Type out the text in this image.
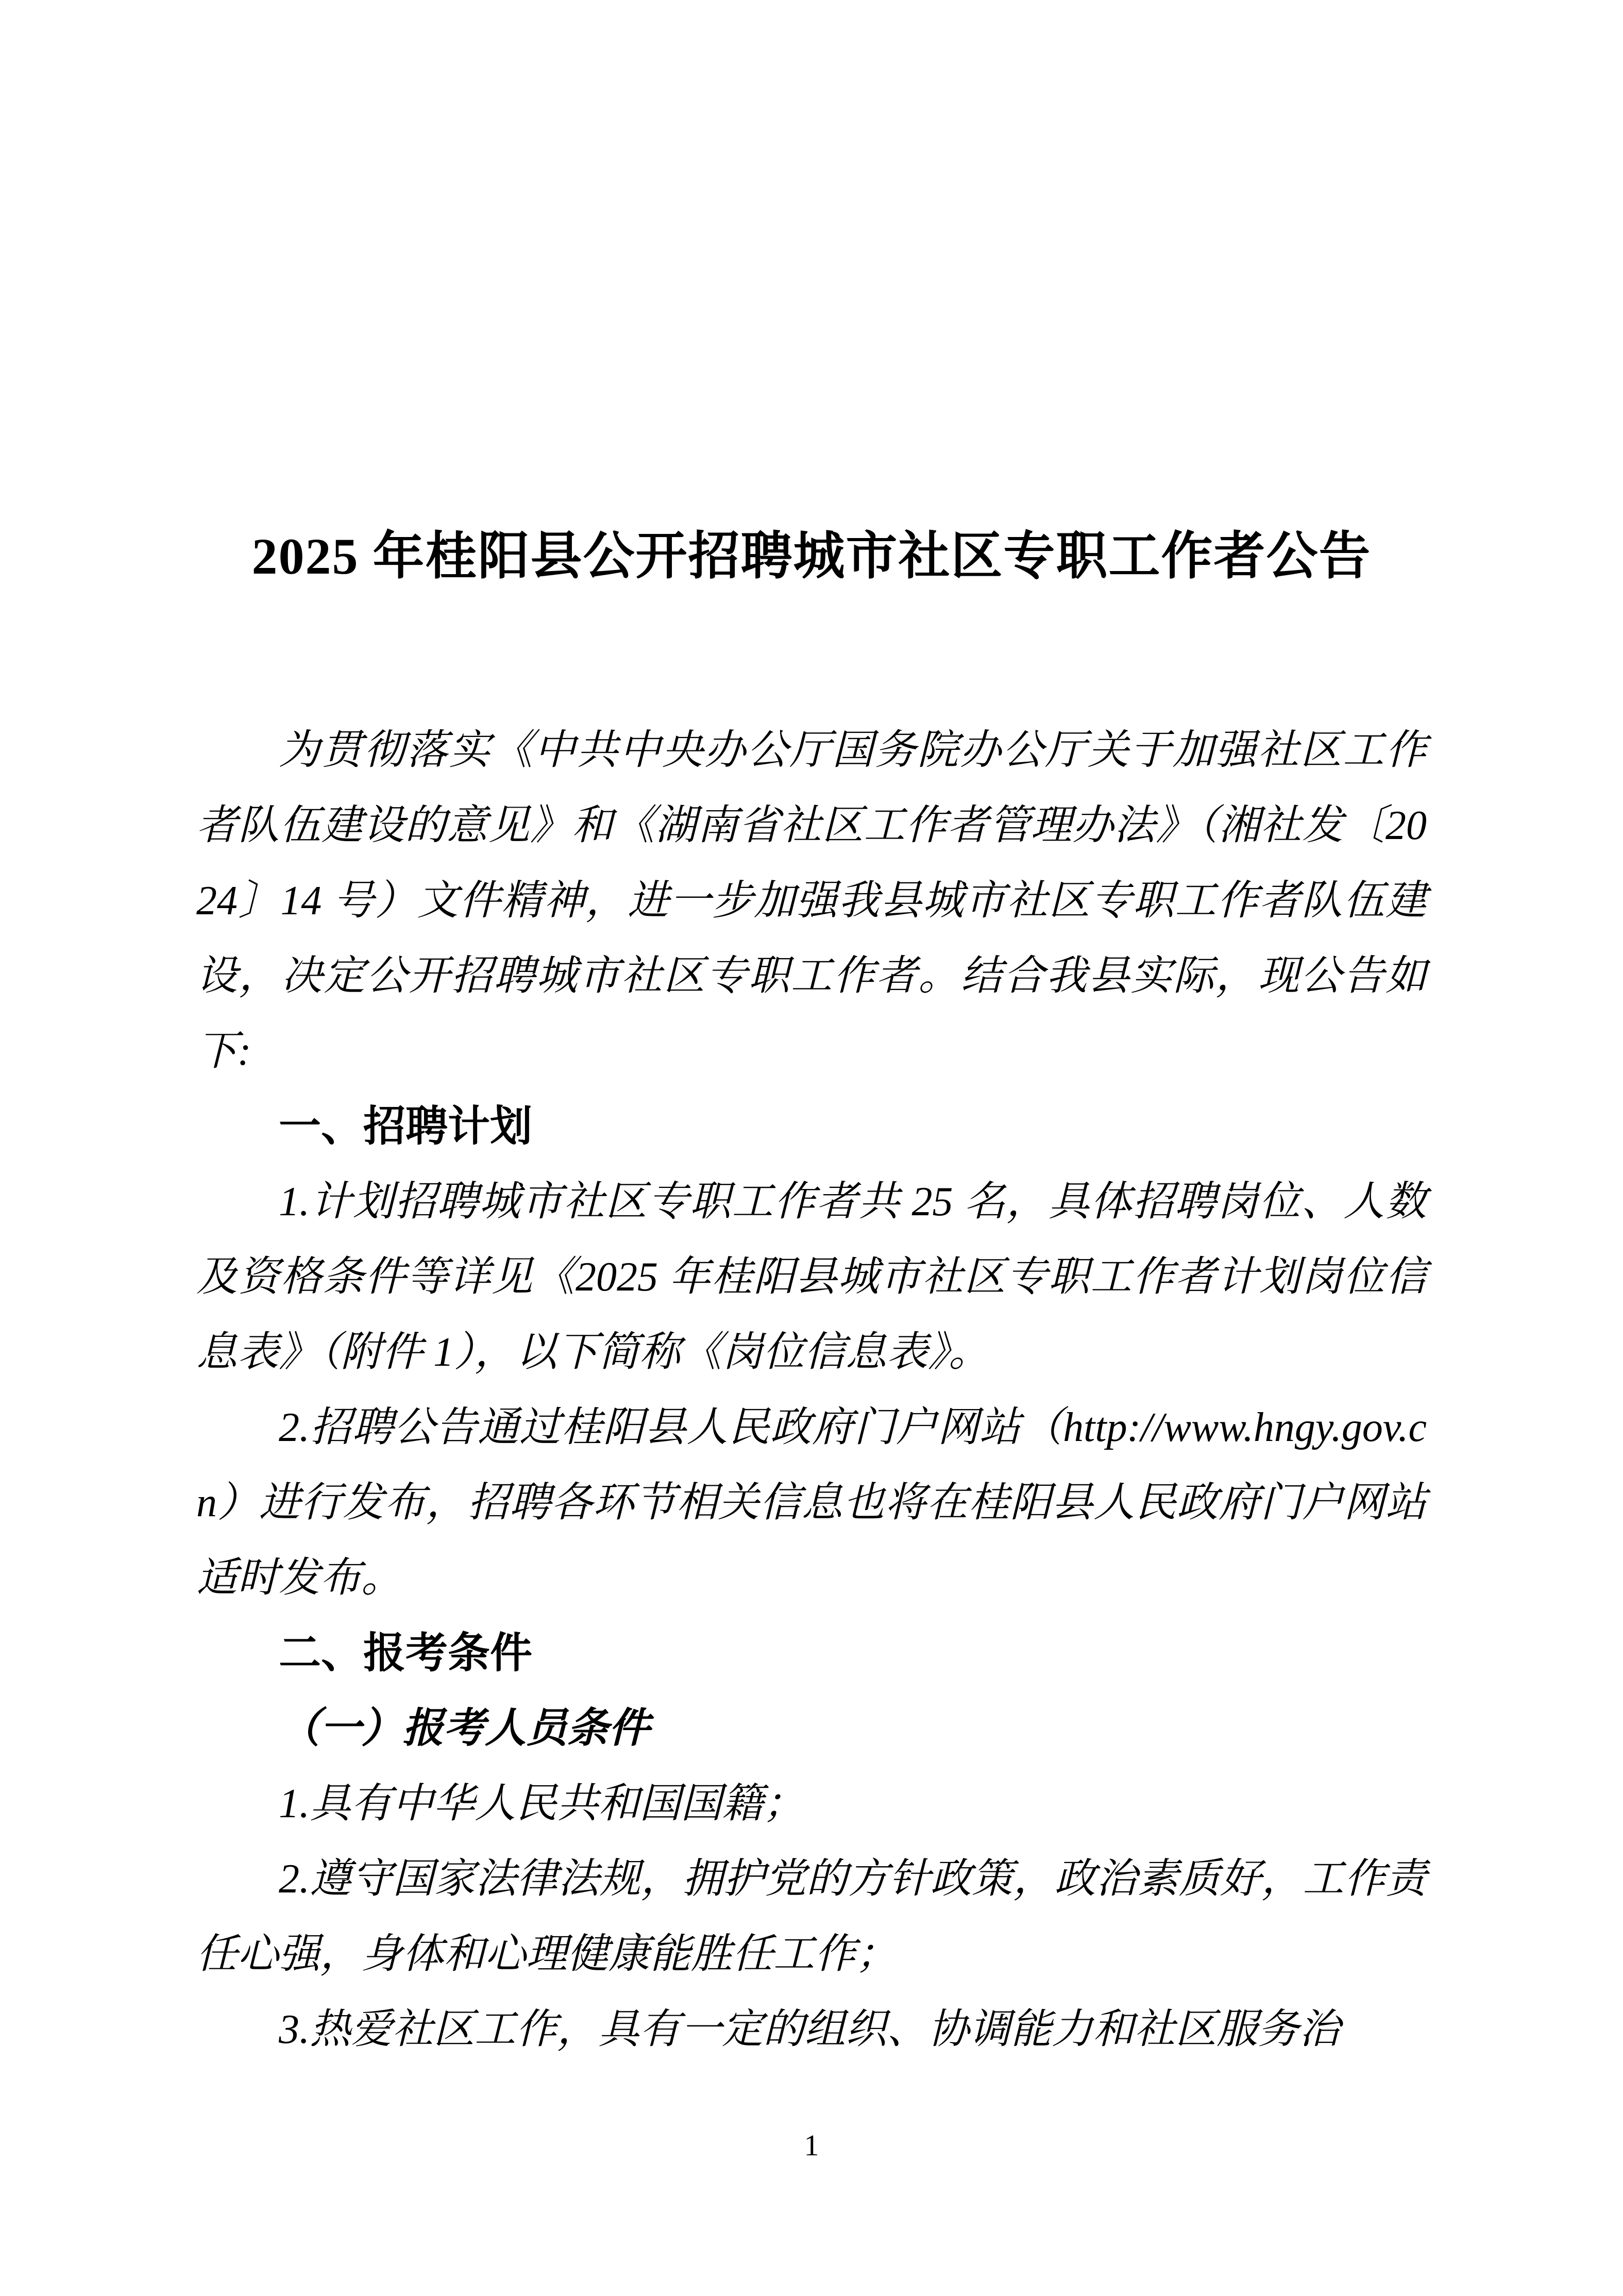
2025 年桂阳县公开招聘城市社区专职工作者公告

为贯彻落实《中共中央办公厅国务院办公厅关于加强社区工作者队伍建设的意见》和《湖南省社区工作者管理办法》（湘社发〔2024〕14 号）文件精神，进一步加强我县城市社区专职工作者队伍建设，决定公开招聘城市社区专职工作者。结合我县实际，现公告如下:

一、招聘计划

1.计划招聘城市社区专职工作者共 25 名，具体招聘岗位、人数及资格条件等详见《2025 年桂阳县城市社区专职工作者计划岗位信息表》（附件 1），以下简称《岗位信息表》。

2.招聘公告通过桂阳县人民政府门户网站（http://www.hngy.gov.cn）进行发布，招聘各环节相关信息也将在桂阳县人民政府门户网站适时发布。

二、报考条件
（一）报考人员条件

1.具有中华人民共和国国籍；

2.遵守国家法律法规，拥护党的方针政策，政治素质好，工作责任心强，身体和心理健康能胜任工作；

3.热爱社区工作，具有一定的组织、协调能力和社区服务治

1
